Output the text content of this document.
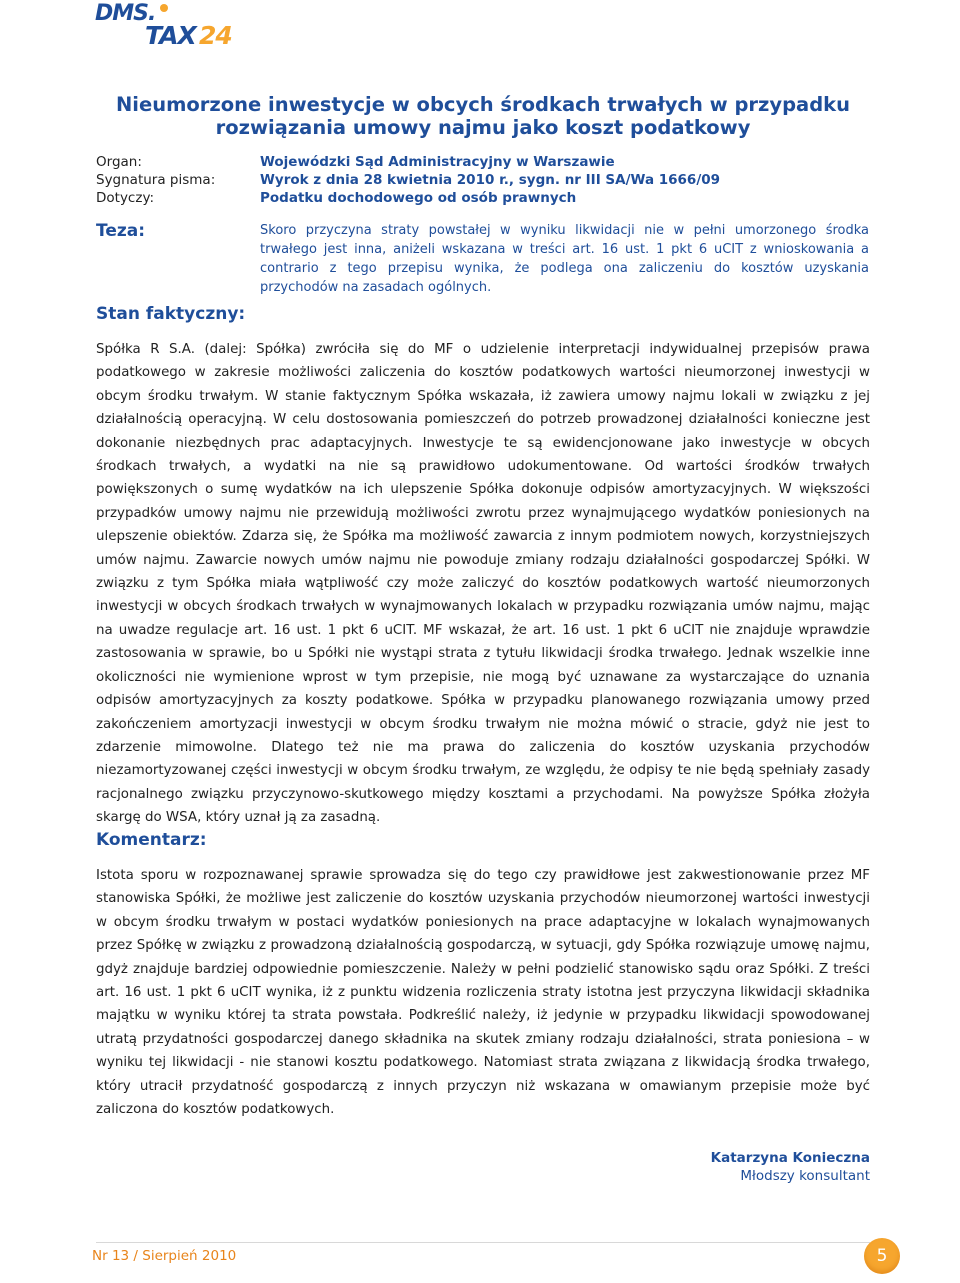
DMS.
TAX 24
Nieumorzone inwestycje w obcych środkach trwałych w przypadku rozwiązania umowy najmu jako koszt podatkowy
Organ:	Wojewódzki Sąd Administracyjny w Warszawie
Sygnatura pisma:	Wyrok z dnia 28 kwietnia 2010 r., sygn. nr III SA/Wa 1666/09
Dotyczy:	Podatku dochodowego od osób prawnych
Teza:	Skoro przyczyna straty powstałej w wyniku likwidacji nie w pełni umorzonego środka trwałego jest inna, aniżeli wskazana w treści art. 16 ust. 1 pkt 6 uCIT z wnioskowania a contrario z tego przepisu wynika, że podlega ona zaliczeniu do kosztów uzyskania przychodów na zasadach ogólnych.

Stan faktyczny:

Spółka R S.A. (dalej: Spółka) zwróciła się do MF o udzielenie interpretacji indywidualnej przepisów prawa podatkowego w zakresie możliwości zaliczenia do kosztów podatkowych wartości nieumorzonej inwestycji w obcym środku trwałym. W stanie faktycznym Spółka wskazała, iż zawiera umowy najmu lokali w związku z jej działalnością operacyjną. W celu dostosowania pomieszczeń do potrzeb prowadzonej działalności konieczne jest dokonanie niezbędnych prac adaptacyjnych. Inwestycje te są ewidencjonowane jako inwestycje w obcych środkach trwałych, a wydatki na nie są prawidłowo udokumentowane. Od wartości środków trwałych powiększonych o sumę wydatków na ich ulepszenie Spółka dokonuje odpisów amortyzacyjnych. W większości przypadków umowy najmu nie przewidują możliwości zwrotu przez wynajmującego wydatków poniesionych na ulepszenie obiektów. Zdarza się, że Spółka ma możliwość zawarcia z innym podmiotem nowych, korzystniejszych umów najmu. Zawarcie nowych umów najmu nie powoduje zmiany rodzaju działalności gospodarczej Spółki. W związku z tym Spółka miała wątpliwość czy może zaliczyć do kosztów podatkowych wartość nieumorzonych inwestycji w obcych środkach trwałych w wynajmowanych lokalach w przypadku rozwiązania umów najmu, mając na uwadze regulacje art. 16 ust. 1 pkt 6 uCIT. MF wskazał, że art. 16 ust. 1 pkt 6 uCIT nie znajduje wprawdzie zastosowania w sprawie, bo u Spółki nie wystąpi strata z tytułu likwidacji środka trwałego. Jednak wszelkie inne okoliczności nie wymienione wprost w tym przepisie, nie mogą być uznawane za wystarczające do uznania odpisów amortyzacyjnych za koszty podatkowe. Spółka w przypadku planowanego rozwiązania umowy przed zakończeniem amortyzacji inwestycji w obcym środku trwałym nie można mówić o stracie, gdyż nie jest to zdarzenie mimowolne. Dlatego też nie ma prawa do zaliczenia do kosztów uzyskania przychodów niezamortyzowanej części inwestycji w obcym środku trwałym, ze względu, że odpisy te nie będą spełniały zasady racjonalnego związku przyczynowo-skutkowego między kosztami a przychodami. Na powyższe Spółka złożyła skargę do WSA, który uznał ją za zasadną.

Komentarz:

Istota sporu w rozpoznawanej sprawie sprowadza się do tego czy prawidłowe jest zakwestionowanie przez MF stanowiska Spółki, że możliwe jest zaliczenie do kosztów uzyskania przychodów nieumorzonej wartości inwestycji w obcym środku trwałym w postaci wydatków poniesionych na prace adaptacyjne w lokalach wynajmowanych przez Spółkę w związku z prowadzoną działalnością gospodarczą, w sytuacji, gdy Spółka rozwiązuje umowę najmu, gdyż znajduje bardziej odpowiednie pomieszczenie. Należy w pełni podzielić stanowisko sądu oraz Spółki. Z treści art. 16 ust. 1 pkt 6 uCIT wynika, iż z punktu widzenia rozliczenia straty istotna jest przyczyna likwidacji składnika majątku w wyniku której ta strata powstała. Podkreślić należy, iż jedynie w przypadku likwidacji spowodowanej utratą przydatności gospodarczej danego składnika na skutek zmiany rodzaju działalności, strata poniesiona – w wyniku tej likwidacji - nie stanowi kosztu podatkowego. Natomiast strata związana z likwidacją środka trwałego, który utracił przydatność gospodarczą z innych przyczyn niż wskazana w omawianym przepisie może być zaliczona do kosztów podatkowych.

Katarzyna Konieczna

Młodszy konsultant

Nr 13 / Sierpień 2010	5
